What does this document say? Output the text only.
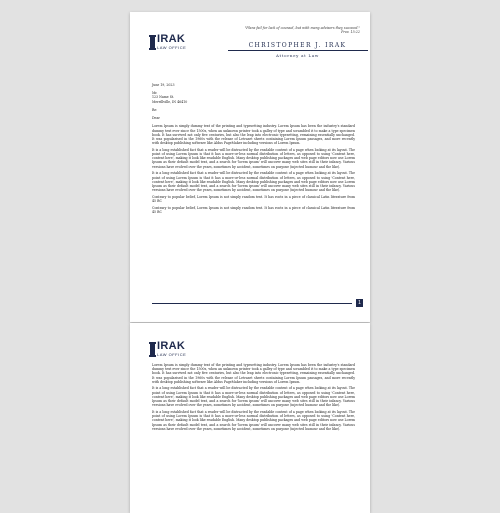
IRAK
LAW OFFICE
"Plans fail for lack of counsel, but with many advisers they succeed."
Prov. 15:22
CHRISTOPHER J. IRAK
Attorney at Law

June 19, 2023

Mr.
123 Name St.
Merrillville, IN 46410

Re:

Dear

Lorem Ipsum is simply dummy text of the printing and typesetting industry. Lorem Ipsum has been the industry's standard dummy text ever since the 1500s, when an unknown printer took a galley of type and scrambled it to make a type specimen book. It has survived not only five centuries, but also the leap into electronic typesetting, remaining essentially unchanged. It was popularised in the 1960s with the release of Letraset sheets containing Lorem Ipsum passages, and more recently with desktop publishing software like Aldus PageMaker including versions of Lorem Ipsum.

It is a long established fact that a reader will be distracted by the readable content of a page when looking at its layout. The point of using Lorem Ipsum is that it has a more-or-less normal distribution of letters, as opposed to using 'Content here, content here', making it look like readable English. Many desktop publishing packages and web page editors now use Lorem Ipsum as their default model text, and a search for 'lorem ipsum' will uncover many web sites still in their infancy. Various versions have evolved over the years, sometimes by accident, sometimes on purpose (injected humour and the like).

It is a long established fact that a reader will be distracted by the readable content of a page when looking at its layout. The point of using Lorem Ipsum is that it has a more-or-less normal distribution of letters, as opposed to using 'Content here, content here', making it look like readable English. Many desktop publishing packages and web page editors now use Lorem Ipsum as their default model text, and a search for 'lorem ipsum' will uncover many web sites still in their infancy. Various versions have evolved over the years, sometimes by accident, sometimes on purpose (injected humour and the like).

Contrary to popular belief, Lorem Ipsum is not simply random text. It has roots in a piece of classical Latin literature from 45 BC

Contrary to popular belief, Lorem Ipsum is not simply random text. It has roots in a piece of classical Latin literature from 45 BC

1
IRAK
LAW OFFICE

Lorem Ipsum is simply dummy text of the printing and typesetting industry. Lorem Ipsum has been the industry's standard dummy text ever since the 1500s, when an unknown printer took a galley of type and scrambled it to make a type specimen book. It has survived not only five centuries, but also the leap into electronic typesetting, remaining essentially unchanged. It was popularised in the 1960s with the release of Letraset sheets containing Lorem Ipsum passages, and more recently with desktop publishing software like Aldus PageMaker including versions of Lorem Ipsum.

It is a long established fact that a reader will be distracted by the readable content of a page when looking at its layout. The point of using Lorem Ipsum is that it has a more-or-less normal distribution of letters, as opposed to using 'Content here, content here', making it look like readable English. Many desktop publishing packages and web page editors now use Lorem Ipsum as their default model text, and a search for 'lorem ipsum' will uncover many web sites still in their infancy. Various versions have evolved over the years, sometimes by accident, sometimes on purpose (injected humour and the like).

It is a long established fact that a reader will be distracted by the readable content of a page when looking at its layout. The point of using Lorem Ipsum is that it has a more-or-less normal distribution of letters, as opposed to using 'Content here, content here', making it look like readable English. Many desktop publishing packages and web page editors now use Lorem Ipsum as their default model text, and a search for 'lorem ipsum' will uncover many web sites still in their infancy. Various versions have evolved over the years, sometimes by accident, sometimes on purpose (injected humour and the like).
